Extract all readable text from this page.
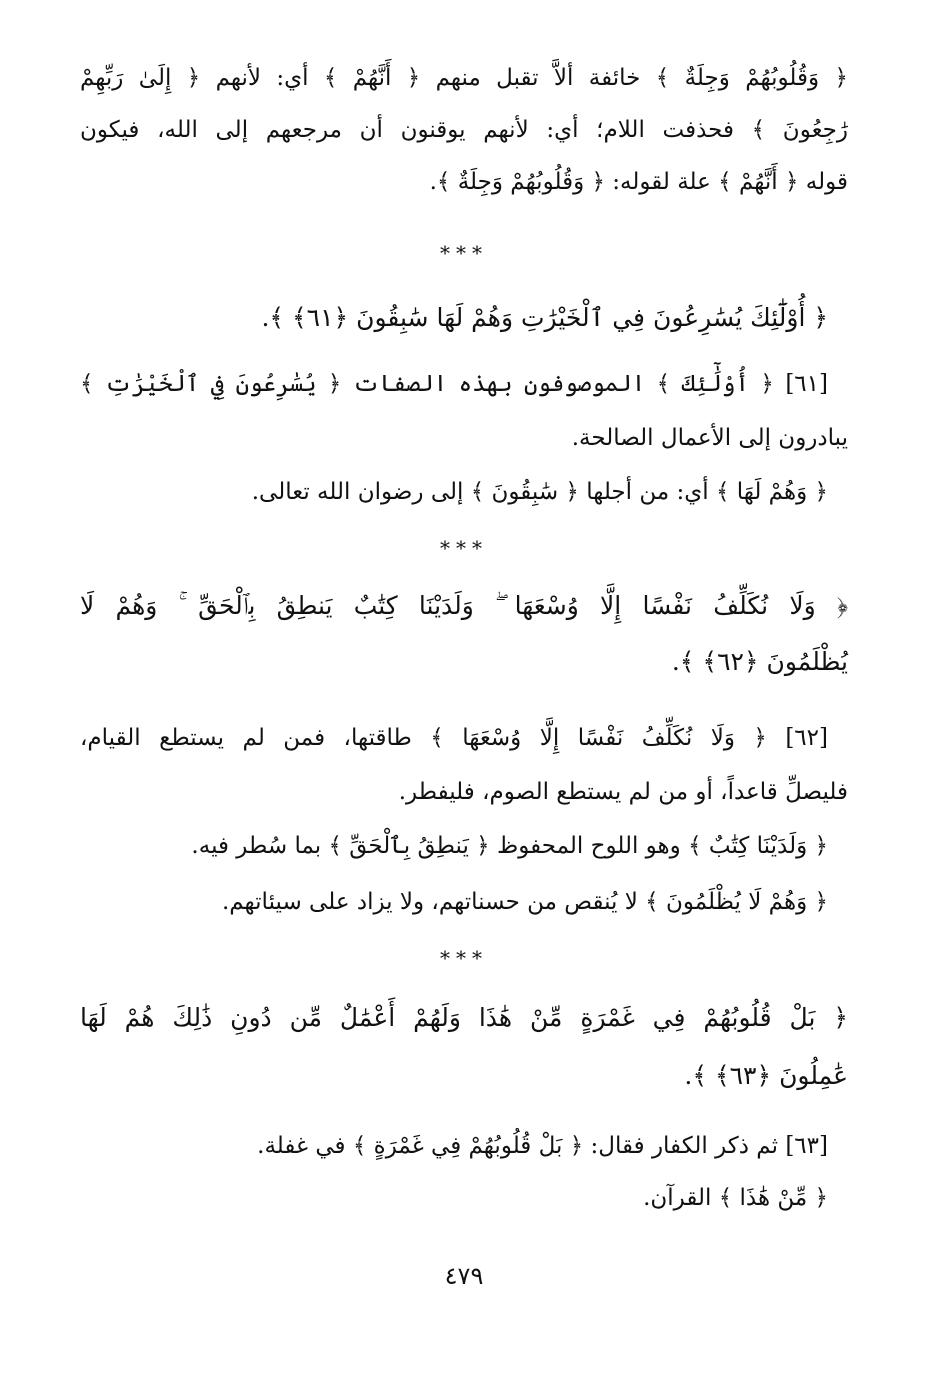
﴿ وَقُلُوبُهُمْ وَجِلَةٌ ﴾ خائفة ألاَّ تقبل منهم ﴿ أَنَّهُمْ ﴾ أي: لأنهم ﴿ إِلَىٰ رَبِّهِمْ
رَٰجِعُونَ ﴾ فحذفت اللام؛ أي: لأنهم يوقنون أن مرجعهم إلى الله، فيكون
قوله ﴿ أَنَّهُمْ ﴾ علة لقوله: ﴿ وَقُلُوبُهُمْ وَجِلَةٌ ﴾.
***
﴿ أُوْلَٰٓئِكَ يُسَٰرِعُونَ فِي ٱلْخَيْرَٰتِ وَهُمْ لَهَا سَٰبِقُونَ ﴿٦١﴾ ﴾.
[٦١] ﴿ أُوْلَٰٓئِكَ ﴾ الموصوفون بهذه الصفات ﴿ يُسَٰرِعُونَ فِي ٱلْخَيْرَٰتِ ﴾
يبادرون إلى الأعمال الصالحة.
﴿ وَهُمْ لَهَا ﴾ أي: من أجلها ﴿ سَٰبِقُونَ ﴾ إلى رضوان الله تعالى.
***
﴿ وَلَا نُكَلِّفُ نَفْسًا إِلَّا وُسْعَهَا ۖ وَلَدَيْنَا كِتَٰبٌ يَنطِقُ بِٱلْحَقِّ ۚ وَهُمْ لَا
يُظْلَمُونَ ﴿٦٢﴾ ﴾.
[٦٢] ﴿ وَلَا نُكَلِّفُ نَفْسًا إِلَّا وُسْعَهَا ﴾ طاقتها، فمن لم يستطع القيام،
فليصلِّ قاعداً، أو من لم يستطع الصوم، فليفطر.
﴿ وَلَدَيْنَا كِتَٰبٌ ﴾ وهو اللوح المحفوظ ﴿ يَنطِقُ بِٱلْحَقِّ ﴾ بما سُطر فيه.
﴿ وَهُمْ لَا يُظْلَمُونَ ﴾ لا يُنقص من حسناتهم، ولا يزاد على سيئاتهم.
***
﴿ بَلْ قُلُوبُهُمْ فِي غَمْرَةٍ مِّنْ هَٰذَا وَلَهُمْ أَعْمَٰلٌ مِّن دُونِ ذَٰلِكَ هُمْ لَهَا
عَٰمِلُونَ ﴿٦٣﴾ ﴾.
[٦٣] ثم ذكر الكفار فقال: ﴿ بَلْ قُلُوبُهُمْ فِي غَمْرَةٍ ﴾ في غفلة.
﴿ مِّنْ هَٰذَا ﴾ القرآن.
٤٧٩
